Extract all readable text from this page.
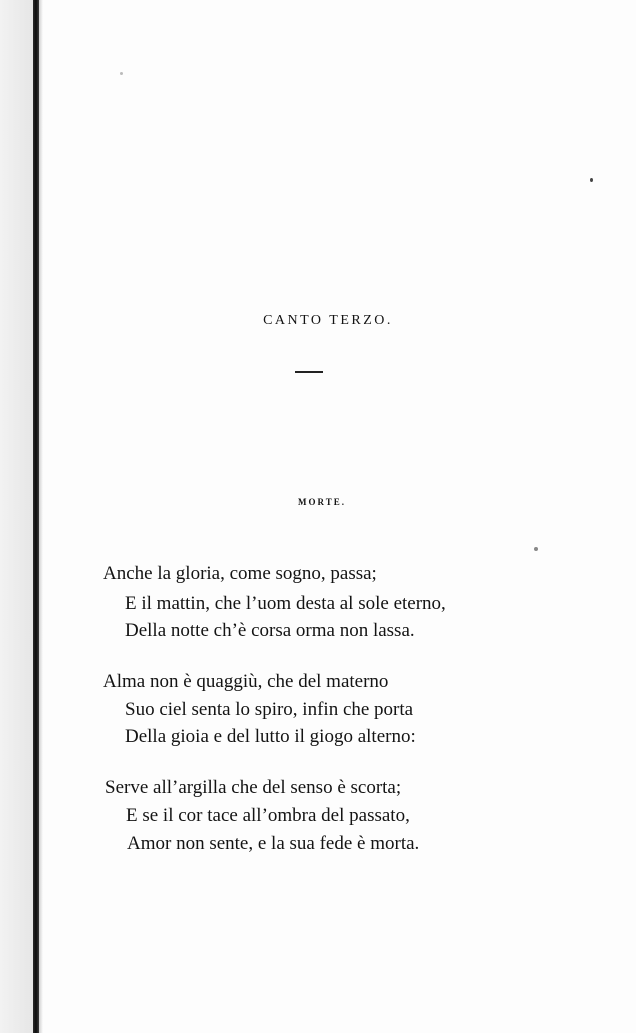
CANTO TERZO.
MORTE.
Anche la gloria, come sogno, passa;
E il mattin, che l’uom desta al sole eterno,
Della notte ch’è corsa orma non lassa.
Alma non è quaggiù, che del materno
Suo ciel senta lo spiro, infin che porta
Della gioia e del lutto il giogo alterno:
Serve all’argilla che del senso è scorta;
E se il cor tace all’ombra del passato,
Amor non sente, e la sua fede è morta.
